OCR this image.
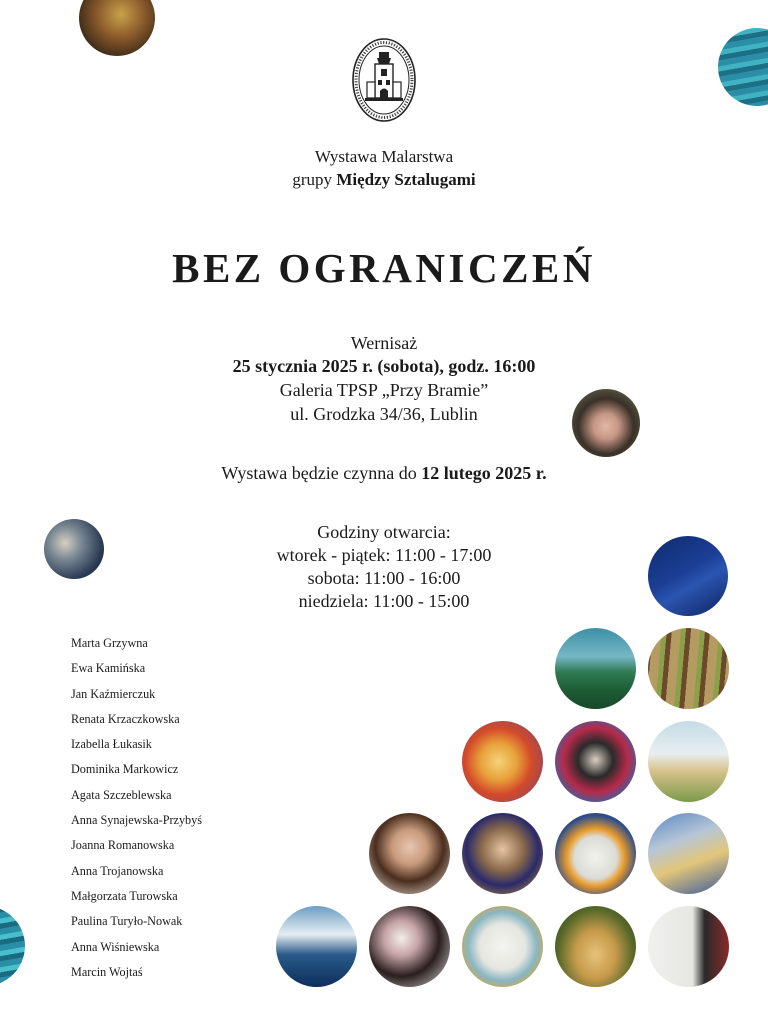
Wystawa Malarstwa
grupy Między Sztalugami
BEZ OGRANICZEŃ
Wernisaż
25 stycznia 2025 r. (sobota), godz. 16:00
Galeria TPSP „Przy Bramie”
ul. Grodzka 34/36, Lublin
Wystawa będzie czynna do 12 lutego 2025 r.
Godziny otwarcia:
wtorek - piątek: 11:00 - 17:00
sobota: 11:00 - 16:00
niedziela: 11:00 - 15:00
Marta Grzywna
Ewa Kamińska
Jan Kaźmierczuk
Renata Krzaczkowska
Izabella Łukasik
Dominika Markowicz
Agata Szczeblewska
Anna Synajewska-Przybyś
Joanna Romanowska
Anna Trojanowska
Małgorzata Turowska
Paulina Turyło-Nowak
Anna Wiśniewska
Marcin Wojtaś
